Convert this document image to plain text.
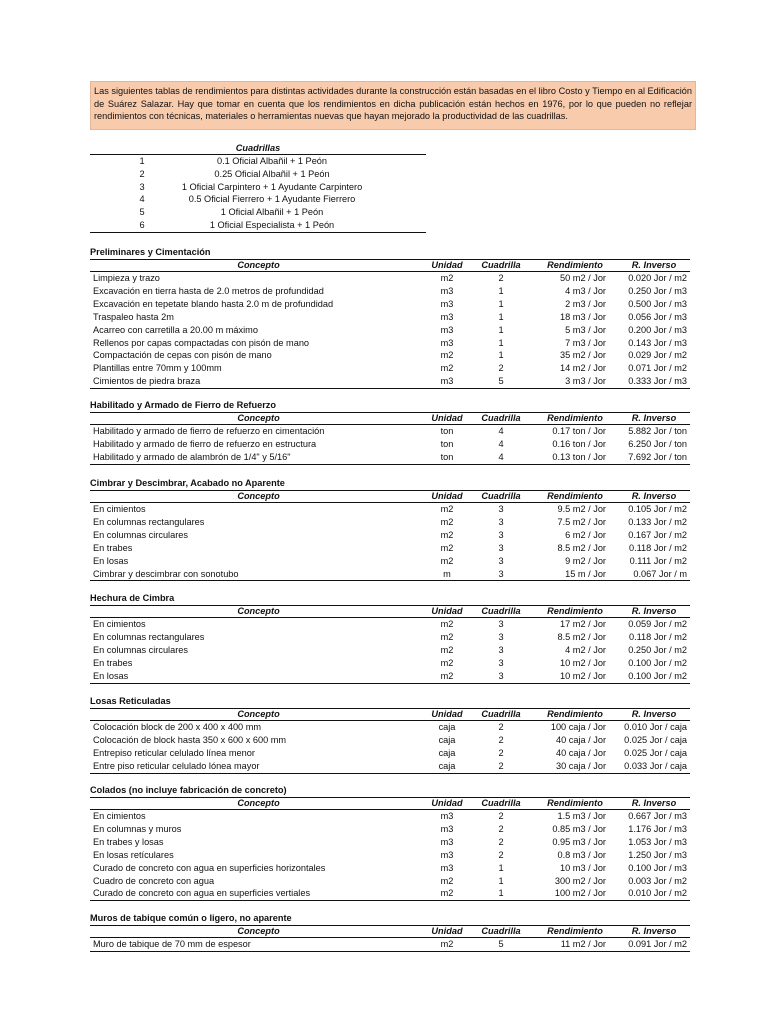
Las siguientes tablas de rendimientos para distintas actividades durante la construcción están basadas en el libro Costo y Tiempo en al Edificación de Suárez Salazar. Hay que tomar en cuenta que los rendimientos en dicha publicación están hechos en 1976, por lo que pueden no reflejar rendimientos con técnicas, materiales o herramientas nuevas que hayan mejorado la productividad de las cuadrillas.
Cuadrillas
1	0.1 Oficial Albañil + 1 Peón
2	0.25 Oficial Albañil + 1 Peón
3	1 Oficial Carpintero + 1 Ayudante Carpintero
4	0.5 Oficial Fierrero + 1 Ayudante Fierrero
5	1 Oficial Albañil + 1 Peón
6	1 Oficial Especialista + 1 Peón
Preliminares y Cimentación
Concepto	Unidad	Cuadrilla	Rendimiento	R. Inverso
Limpieza y trazo	m2	2	50 m2 / Jor	0.020 Jor / m2
Excavación en tierra hasta de 2.0 metros de profundidad	m3	1	4 m3 / Jor	0.250 Jor / m3
Excavación en tepetate blando hasta 2.0 m de profundidad	m3	1	2 m3 / Jor	0.500 Jor / m3
Traspaleo hasta 2m	m3	1	18 m3 / Jor	0.056 Jor / m3
Acarreo con carretilla a 20.00 m máximo	m3	1	5 m3 / Jor	0.200 Jor / m3
Rellenos por capas compactadas con pisón de mano	m3	1	7 m3 / Jor	0.143 Jor / m3
Compactación de cepas con pisón de mano	m2	1	35 m2 / Jor	0.029 Jor / m2
Plantillas entre 70mm y 100mm	m2	2	14 m2 / Jor	0.071 Jor / m2
Cimientos de piedra braza	m3	5	3 m3 / Jor	0.333 Jor / m3
Habilitado y Armado de Fierro de Refuerzo
Concepto	Unidad	Cuadrilla	Rendimiento	R. Inverso
Habilitado y armado de fierro de refuerzo en cimentación	ton	4	0.17 ton / Jor	5.882 Jor / ton
Habilitado y armado de fierro de refuerzo en estructura	ton	4	0.16 ton / Jor	6.250 Jor / ton
Habilitado y armado de alambrón de 1/4" y 5/16"	ton	4	0.13 ton / Jor	7.692 Jor / ton
Cimbrar y Descimbrar, Acabado no Aparente
Concepto	Unidad	Cuadrilla	Rendimiento	R. Inverso
En cimientos	m2	3	9.5 m2 / Jor	0.105 Jor / m2
En columnas rectangulares	m2	3	7.5 m2 / Jor	0.133 Jor / m2
En columnas circulares	m2	3	6 m2 / Jor	0.167 Jor / m2
En trabes	m2	3	8.5 m2 / Jor	0.118 Jor / m2
En losas	m2	3	9 m2 / Jor	0.111 Jor / m2
Cimbrar y descimbrar con sonotubo	m	3	15 m / Jor	0.067 Jor / m
Hechura de Cimbra
Concepto	Unidad	Cuadrilla	Rendimiento	R. Inverso
En cimientos	m2	3	17 m2 / Jor	0.059 Jor / m2
En columnas rectangulares	m2	3	8.5 m2 / Jor	0.118 Jor / m2
En columnas circulares	m2	3	4 m2 / Jor	0.250 Jor / m2
En trabes	m2	3	10 m2 / Jor	0.100 Jor / m2
En losas	m2	3	10 m2 / Jor	0.100 Jor / m2
Losas Reticuladas
Concepto	Unidad	Cuadrilla	Rendimiento	R. Inverso
Colocación block de 200 x 400 x 400 mm	caja	2	100 caja / Jor	0.010 Jor / caja
Colocación de block hasta 350 x 600 x 600 mm	caja	2	40 caja / Jor	0.025 Jor / caja
Entrepiso reticular celulado línea menor	caja	2	40 caja / Jor	0.025 Jor / caja
Entre piso reticular celulado lónea mayor	caja	2	30 caja / Jor	0.033 Jor / caja
Colados (no incluye fabricación de concreto)
Concepto	Unidad	Cuadrilla	Rendimiento	R. Inverso
En cimientos	m3	2	1.5 m3 / Jor	0.667 Jor / m3
En columnas y muros	m3	2	0.85 m3 / Jor	1.176 Jor / m3
En trabes y losas	m3	2	0.95 m3 / Jor	1.053 Jor / m3
En losas retículares	m3	2	0.8 m3 / Jor	1.250 Jor / m3
Curado de concreto con agua en superficies horizontales	m3	1	10 m3 / Jor	0.100 Jor / m3
Cuadro de concreto con agua	m2	1	300 m2 / Jor	0.003 Jor / m2
Curado de concreto con agua en superficies vertiales	m2	1	100 m2 / Jor	0.010 Jor / m2
Muros de tabique común o ligero, no aparente
Concepto	Unidad	Cuadrilla	Rendimiento	R. Inverso
Muro de tabique de 70 mm de espesor	m2	5	11 m2 / Jor	0.091 Jor / m2
